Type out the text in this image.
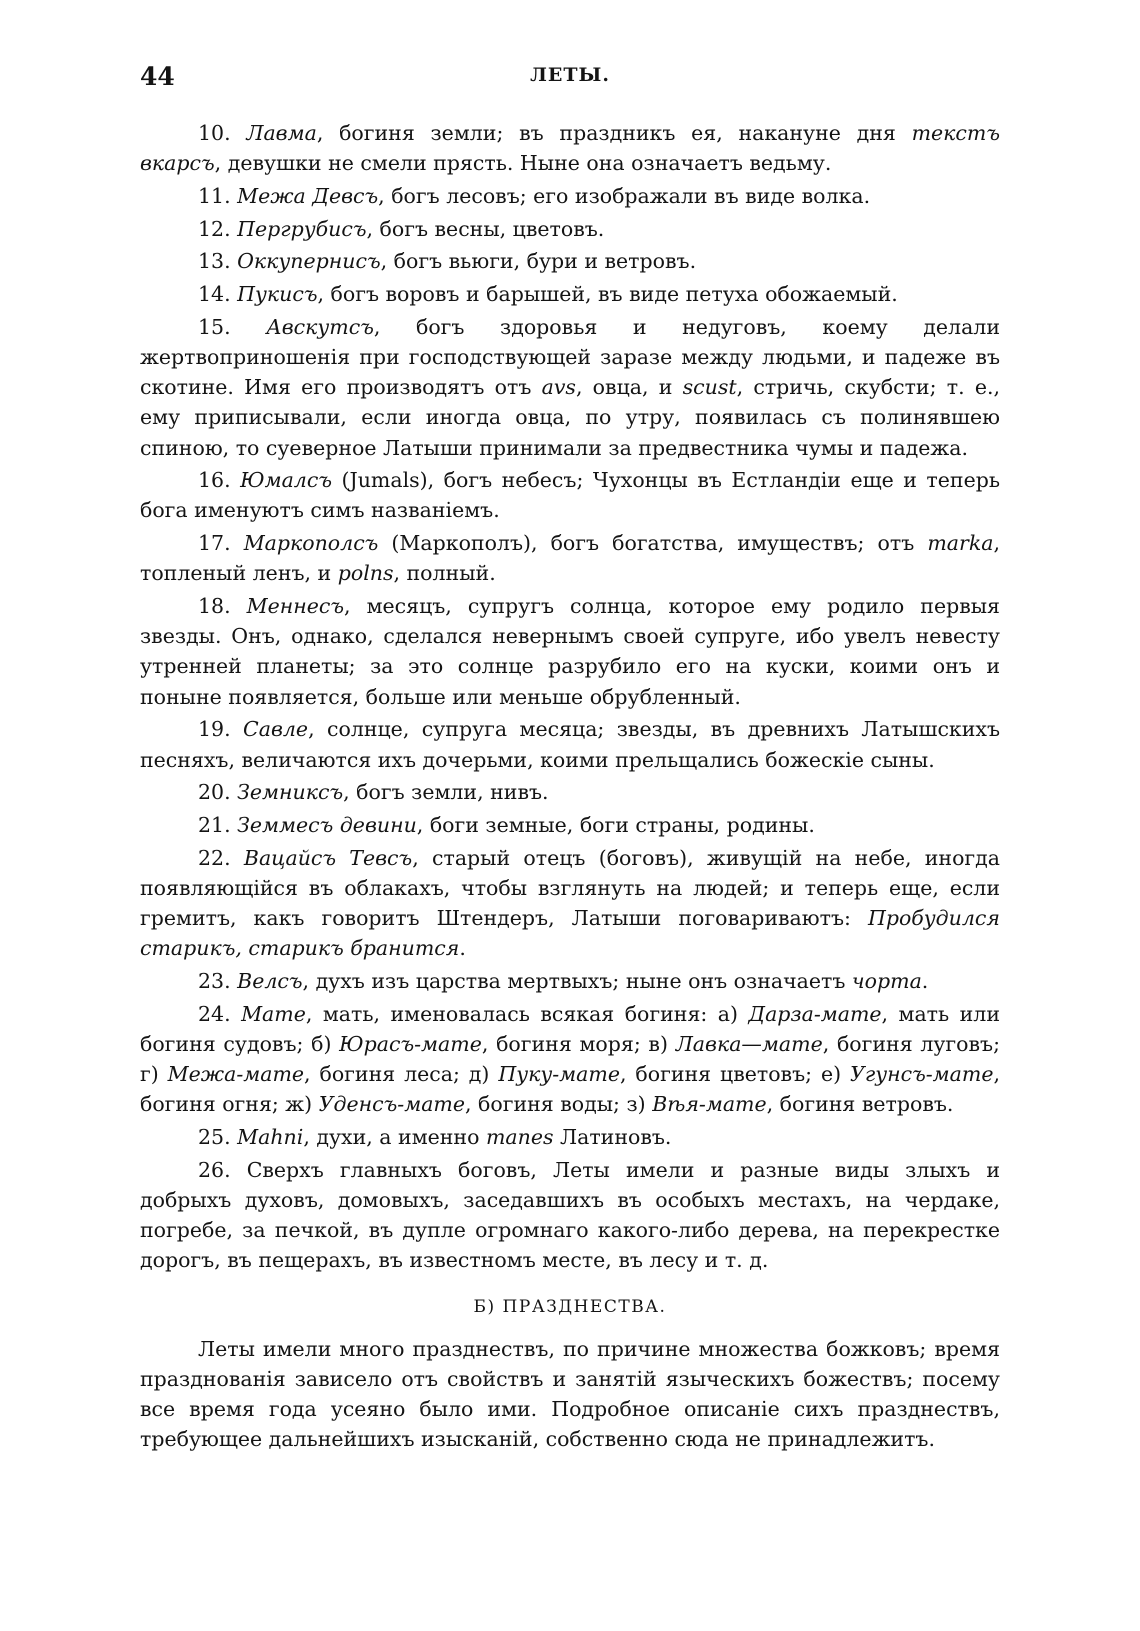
44	ЛЕТЫ.

10. Лавма, богиня земли; въ праздникъ ея, накануне дня текстъ вкарсъ, девушки не смели прясть. Ныне она означаетъ ведьму.

11. Межа Девсъ, богъ лесовъ; его изображали въ виде волка.

12. Пергрубисъ, богъ весны, цветовъ.

13. Оккупернисъ, богъ вьюги, бури и ветровъ.

14. Пукисъ, богъ воровъ и барышей, въ виде петуха обожаемый.

15. Авскутсъ, богъ здоровья и недуговъ, коему делали жертвоприношенія при господствующей заразе между людьми, и падеже въ скотине. Имя его производятъ отъ avs, овца, и scust, стричь, скубсти; т. е., ему приписывали, если иногда овца, по утру, появилась съ полинявшею спиною, то суеверное Латыши принимали за предвестника чумы и падежа.

16. Юмалсъ (Jumals), богъ небесъ; Чухонцы въ Естландіи еще и теперь бога именуютъ симъ названіемъ.

17. Маркополсъ (Маркополъ), богъ богатства, имуществъ; отъ marka, топленый ленъ, и polns, полный.

18. Меннесъ, месяцъ, супругъ солнца, которое ему родило первыя звезды. Онъ, однако, сделался невернымъ своей супруге, ибо увелъ невесту утренней планеты; за это солнце разрубило его на куски, коими онъ и понынe появляется, больше или меньше обрубленный.

19. Савле, солнце, супруга месяца; звезды, въ древнихъ Латышскихъ песняхъ, величаются ихъ дочерьми, коими прельщались божескіе сыны.

20. Земниксъ, богъ земли, нивъ.

21. Земмесъ девини, боги земные, боги страны, родины.

22. Вацайсъ Тевсъ, старый отецъ (боговъ), живущій на небе, иногда появляющійся въ облакахъ, чтобы взглянуть на людей; и теперь еще, если гремитъ, какъ говоритъ Штендеръ, Латыши поговариваютъ: Пробудился старикъ, старикъ бранится.

23. Велсъ, духъ изъ царства мертвыхъ; ныне онъ означаетъ чорта.

24. Мате, мать, именовалась всякая богиня: а) Дарза-мате, мать или богиня судовъ; б) Юрасъ-мате, богиня моря; в) Лавка—мате, богиня луговъ; г) Межа-мате, богиня леса; д) Пуку-мате, богиня цветовъ; е) Угунсъ-мате, богиня огня; ж) Уденсъ-мате, богиня воды; з) Вѣя-мате, богиня ветровъ.

25. Mahni, духи, а именно manes Латиновъ.

26. Сверхъ главныхъ боговъ, Леты имели и разные виды злыхъ и добрыхъ духовъ, домовыхъ, заседавшихъ въ особыхъ местахъ, на чердаке, погребе, за печкой, въ дупле огромнаго какого-либо дерева, на перекрестке дорогъ, въ пещерахъ, въ известномъ месте, въ лесу и т. д.

Б) ПРАЗДНЕСТВА.

Леты имели много празднествъ, по причине множества божковъ; время празднованія зависело отъ свойствъ и занятій языческихъ божествъ; посему все время года усеяно было ими. Подробное описаніе сихъ празднествъ, требующее дальнейшихъ изысканій, собственно сюда не принадлежитъ.
